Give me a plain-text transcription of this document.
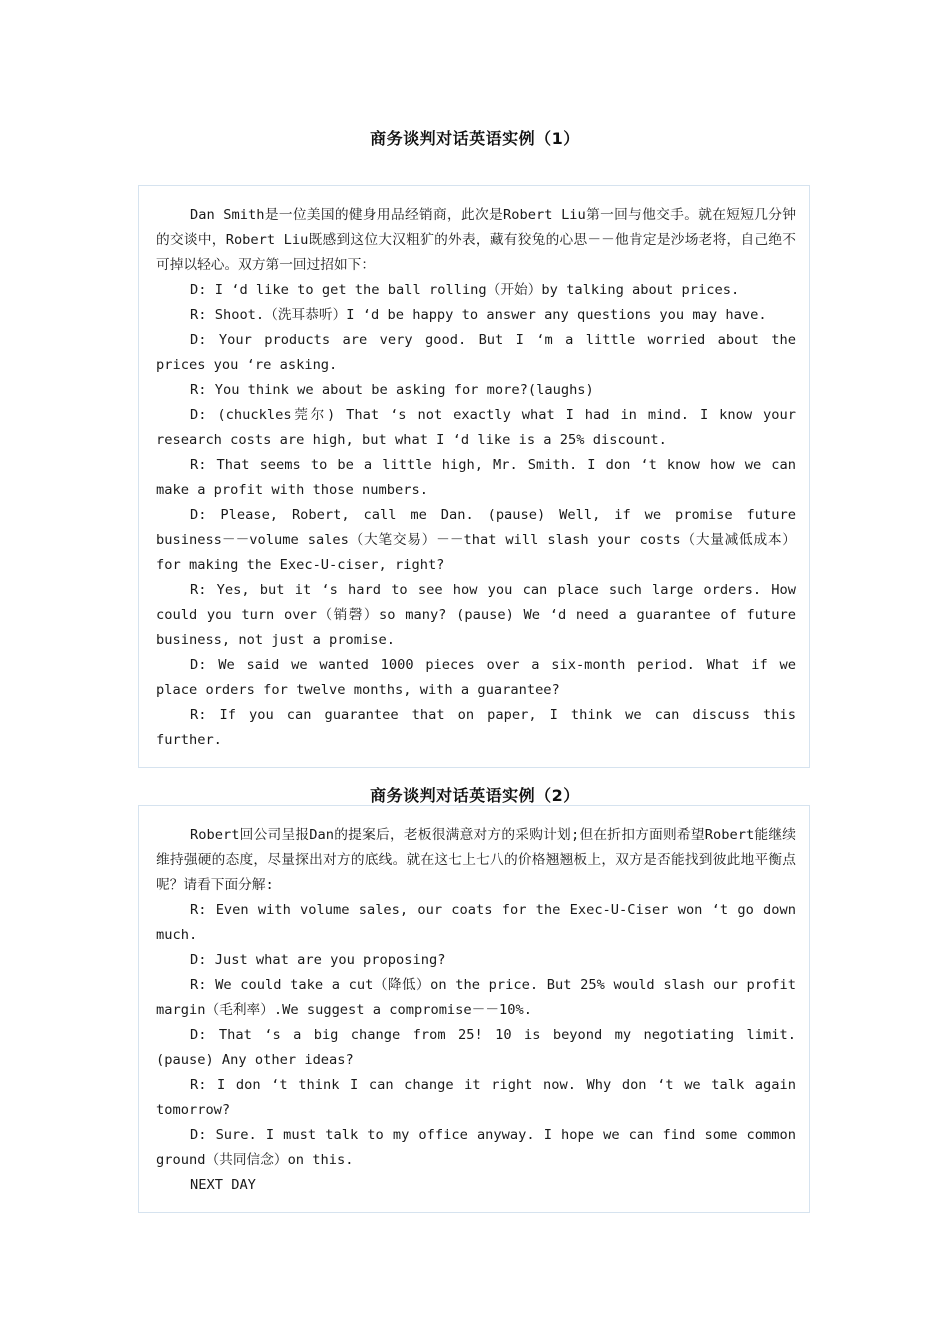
商务谈判对话英语实例（1）

Dan Smith是一位美国的健身用品经销商，此次是Robert Liu第一回与他交手。就在短短几分钟的交谈中，Robert Liu既感到这位大汉粗犷的外表，藏有狡兔的心思－－他肯定是沙场老将，自己绝不可掉以轻心。双方第一回过招如下：

D: I ‘d like to get the ball rolling（开始）by talking about prices.

R: Shoot.（洗耳恭听）I ‘d be happy to answer any questions you may have.

D: Your products are very good. But I ‘m a little worried about the prices you ‘re asking.

R: You think we about be asking for more?(laughs)

D: (chuckles莞尔) That ‘s not exactly what I had in mind. I know your research costs are high, but what I ‘d like is a 25% discount.

R: That seems to be a little high, Mr. Smith. I don ‘t know how we can make a profit with those numbers.

D: Please, Robert, call me Dan. (pause) Well, if we promise future business－－volume sales（大笔交易）－－that will slash your costs（大量减低成本）for making the Exec-U-ciser, right?

R: Yes, but it ‘s hard to see how you can place such large orders. How could you turn over（销磬）so many? (pause) We ‘d need a guarantee of future business, not just a promise.

D: We said we wanted 1000 pieces over a six-month period. What if we place orders for twelve months, with a guarantee?

R: If you can guarantee that on paper, I think we can discuss this further.

商务谈判对话英语实例（2）

Robert回公司呈报Dan的提案后，老板很满意对方的采购计划;但在折扣方面则希望Robert能继续维持强硬的态度，尽量探出对方的底线。就在这七上七八的价格翘翘板上，双方是否能找到彼此地平衡点呢？请看下面分解:

R: Even with volume sales, our coats for the Exec-U-Ciser won ‘t go down much.

D: Just what are you proposing?

R: We could take a cut（降低）on the price. But 25% would slash our profit margin（毛利率）.We suggest a compromise－－10%.

D: That ‘s a big change from 25! 10 is beyond my negotiating limit. (pause) Any other ideas?

R: I don ‘t think I can change it right now. Why don ‘t we talk again tomorrow?

D: Sure. I must talk to my office anyway. I hope we can find some common ground（共同信念）on this.

NEXT DAY
